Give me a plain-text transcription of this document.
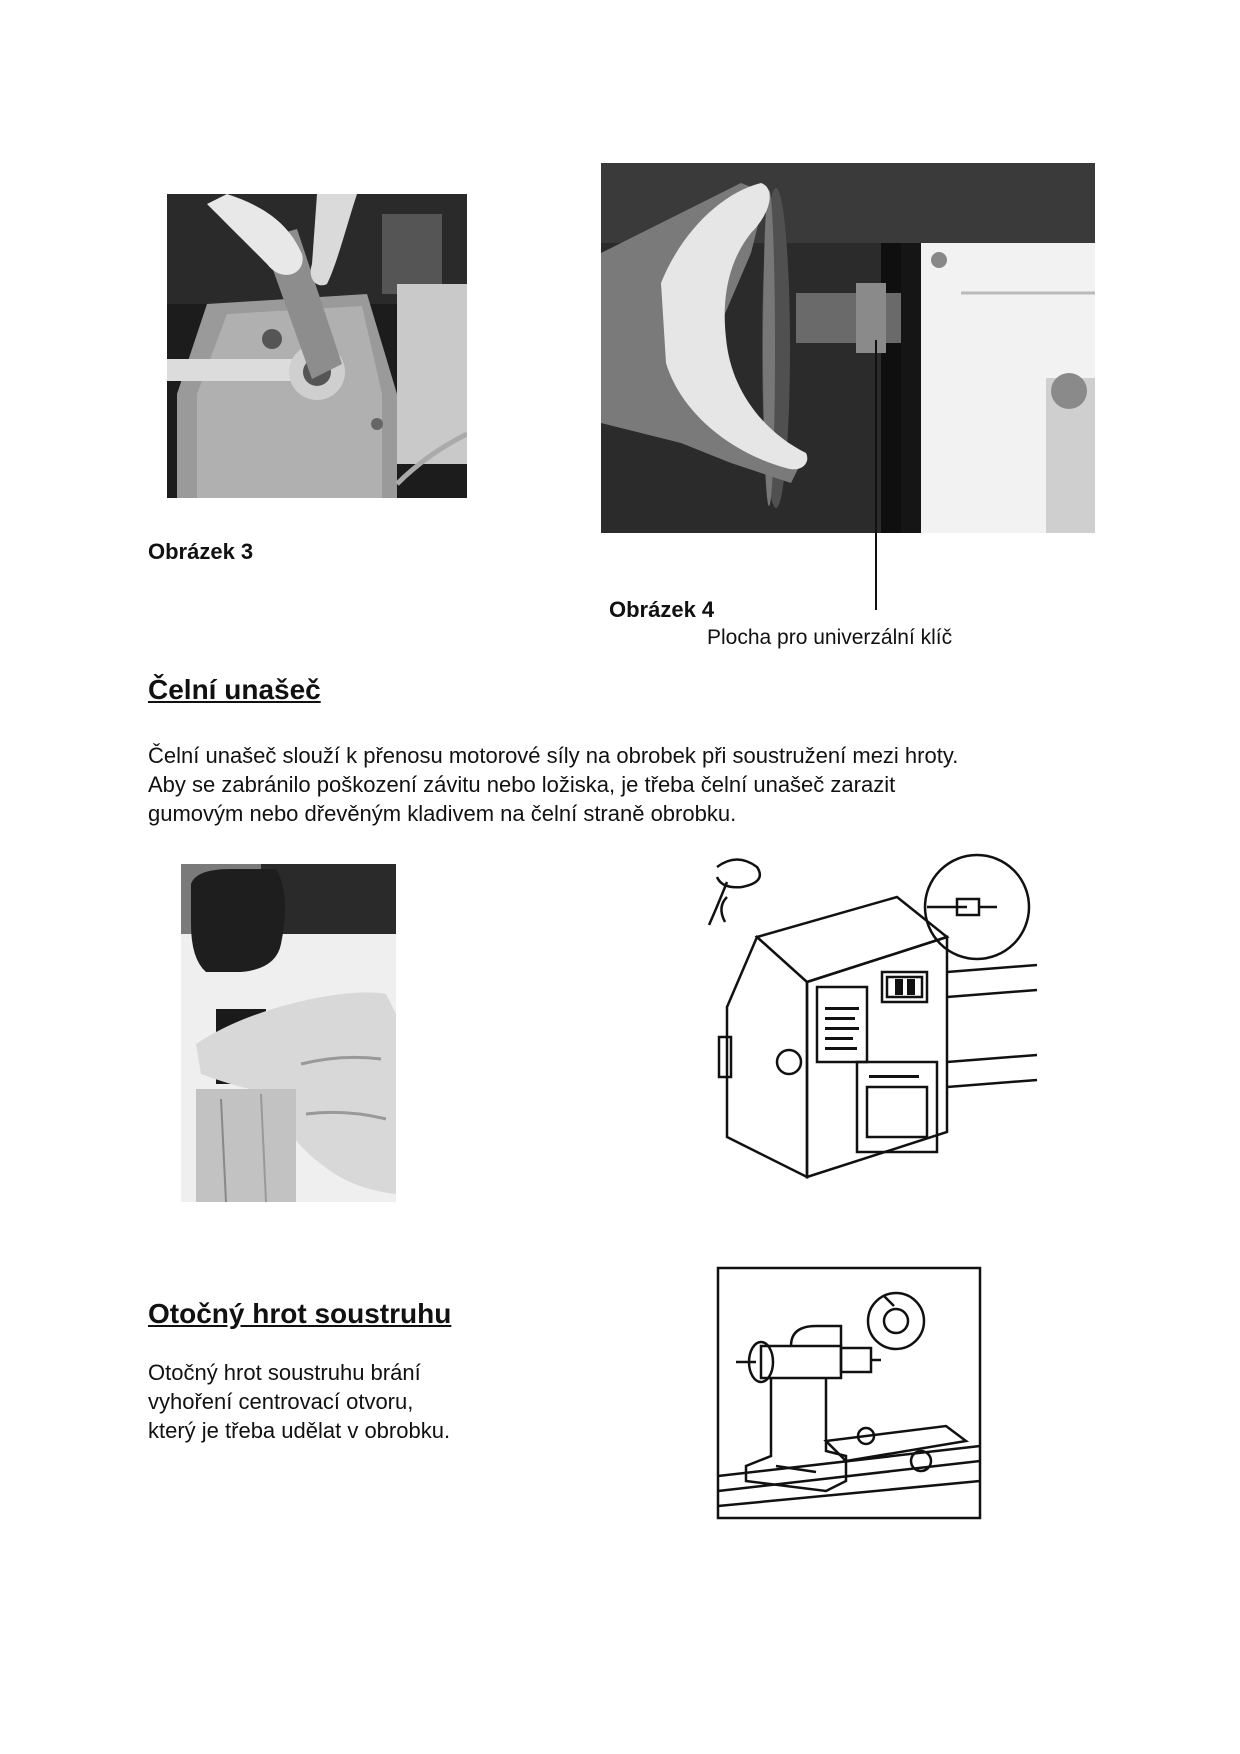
Obrázek 3
Obrázek 4
Plocha pro univerzální klíč
Čelní unašeč
Čelní unašeč slouží k přenosu motorové síly na obrobek při soustružení mezi hroty.
Aby se zabránilo poškození závitu nebo ložiska, je třeba čelní unašeč zarazit
gumovým nebo dřevěným kladivem na čelní straně obrobku.
Otočný hrot soustruhu
Otočný hrot soustruhu brání
vyhoření centrovací otvoru,
který je třeba udělat v obrobku.
